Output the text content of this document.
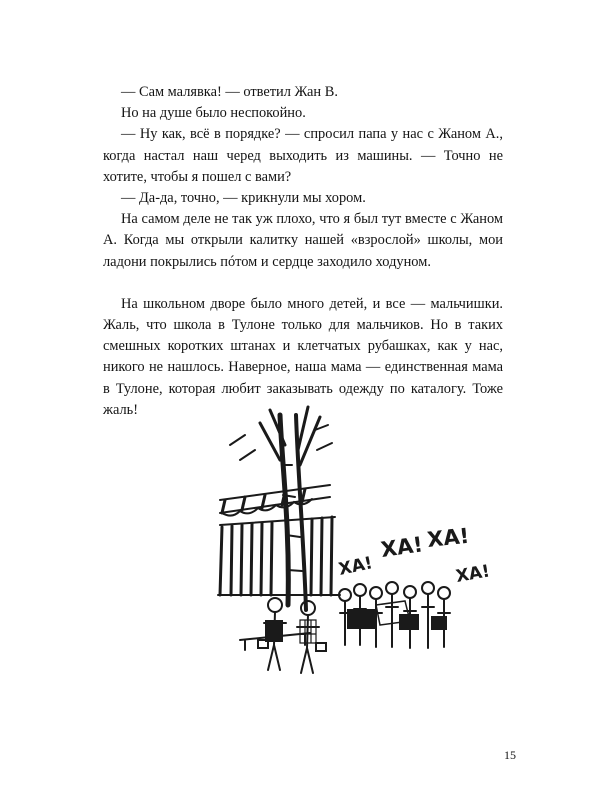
— Сам малявка! — ответил Жан В.

Но на душе было неспокойно.

— Ну как, всё в порядке? — спросил папа у нас с Жаном А., когда настал наш черед выходить из машины. — Точно не хотите, чтобы я пошел с вами?

— Да-да, точно, — крикнули мы хором.

На самом деле не так уж плохо, что я был тут вместе с Жаном А. Когда мы открыли калитку нашей «взрослой» школы, мои ладони покрылись пóтом и сердце заходило ходуном.

На школьном дворе было много детей, и все — мальчишки. Жаль, что школа в Тулоне только для мальчиков. Но в таких смешных коротких штанах и клетчатых рубашках, как у нас, никого не нашлось. Наверное, наша мама — единственная мама в Тулоне, которая любит заказывать одежду по каталогу. Тоже жаль!

ХА!
ХА! ХА!
ХА!
15
